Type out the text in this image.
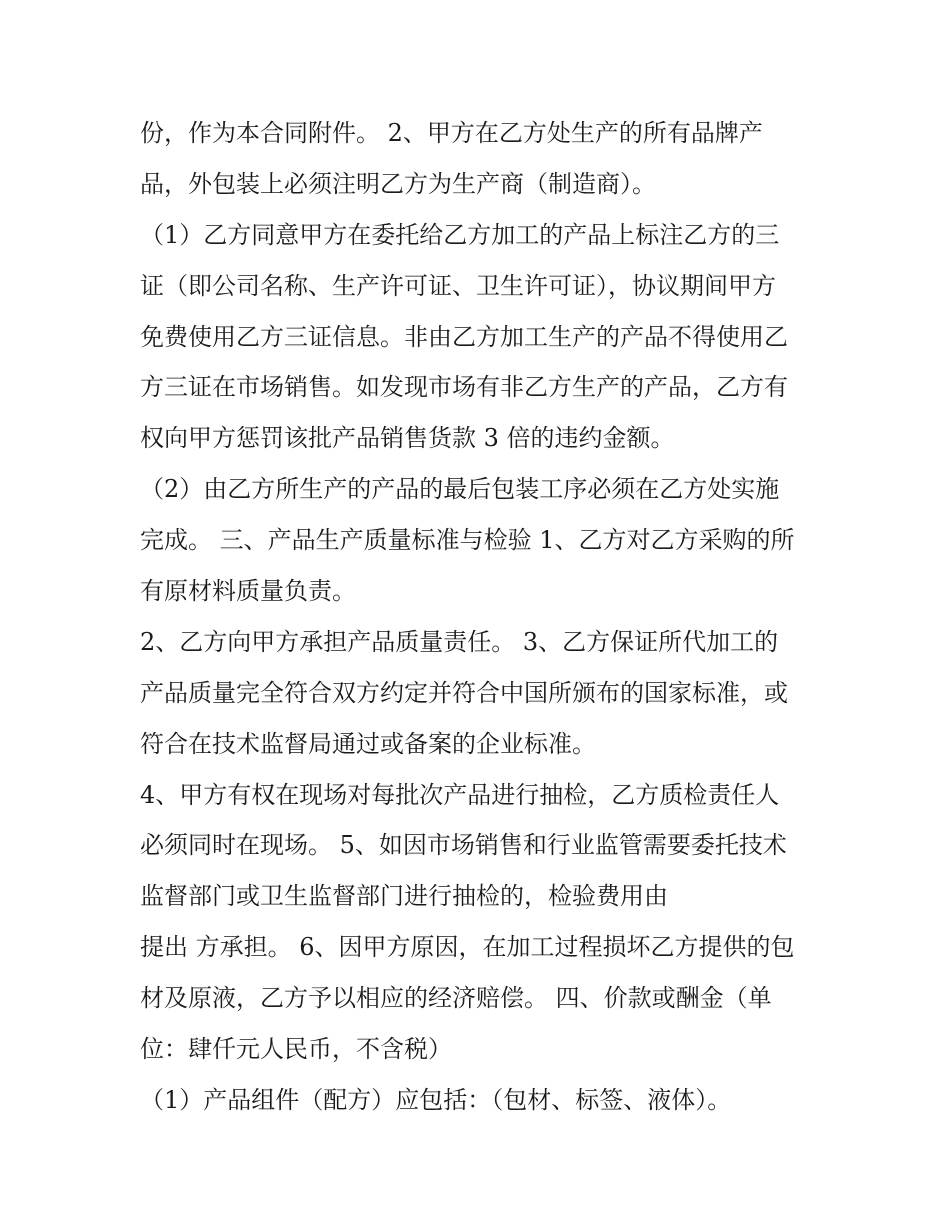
份，作为本合同附件。 2、甲方在乙方处生产的所有品牌产
品，外包装上必须注明乙方为生产商（制造商）。
（1）乙方同意甲方在委托给乙方加工的产品上标注乙方的三
证（即公司名称、生产许可证、卫生许可证），协议期间甲方
免费使用乙方三证信息。非由乙方加工生产的产品不得使用乙
方三证在市场销售。如发现市场有非乙方生产的产品，乙方有
权向甲方惩罚该批产品销售货款 3 倍的违约金额。
（2）由乙方所生产的产品的最后包装工序必须在乙方处实施
完成。 三、产品生产质量标准与检验 1、乙方对乙方采购的所
有原材料质量负责。
2、乙方向甲方承担产品质量责任。 3、乙方保证所代加工的
产品质量完全符合双方约定并符合中国所颁布的国家标准，或
符合在技术监督局通过或备案的企业标准。
4、甲方有权在现场对每批次产品进行抽检，乙方质检责任人
必须同时在现场。 5、如因市场销售和行业监管需要委托技术
监督部门或卫生监督部门进行抽检的，检验费用由
提出 方承担。 6、因甲方原因，在加工过程损坏乙方提供的包
材及原液，乙方予以相应的经济赔偿。 四、价款或酬金（单
位：肆仟元人民币，不含税）
（1）产品组件（配方）应包括：（包材、标签、液体）。
